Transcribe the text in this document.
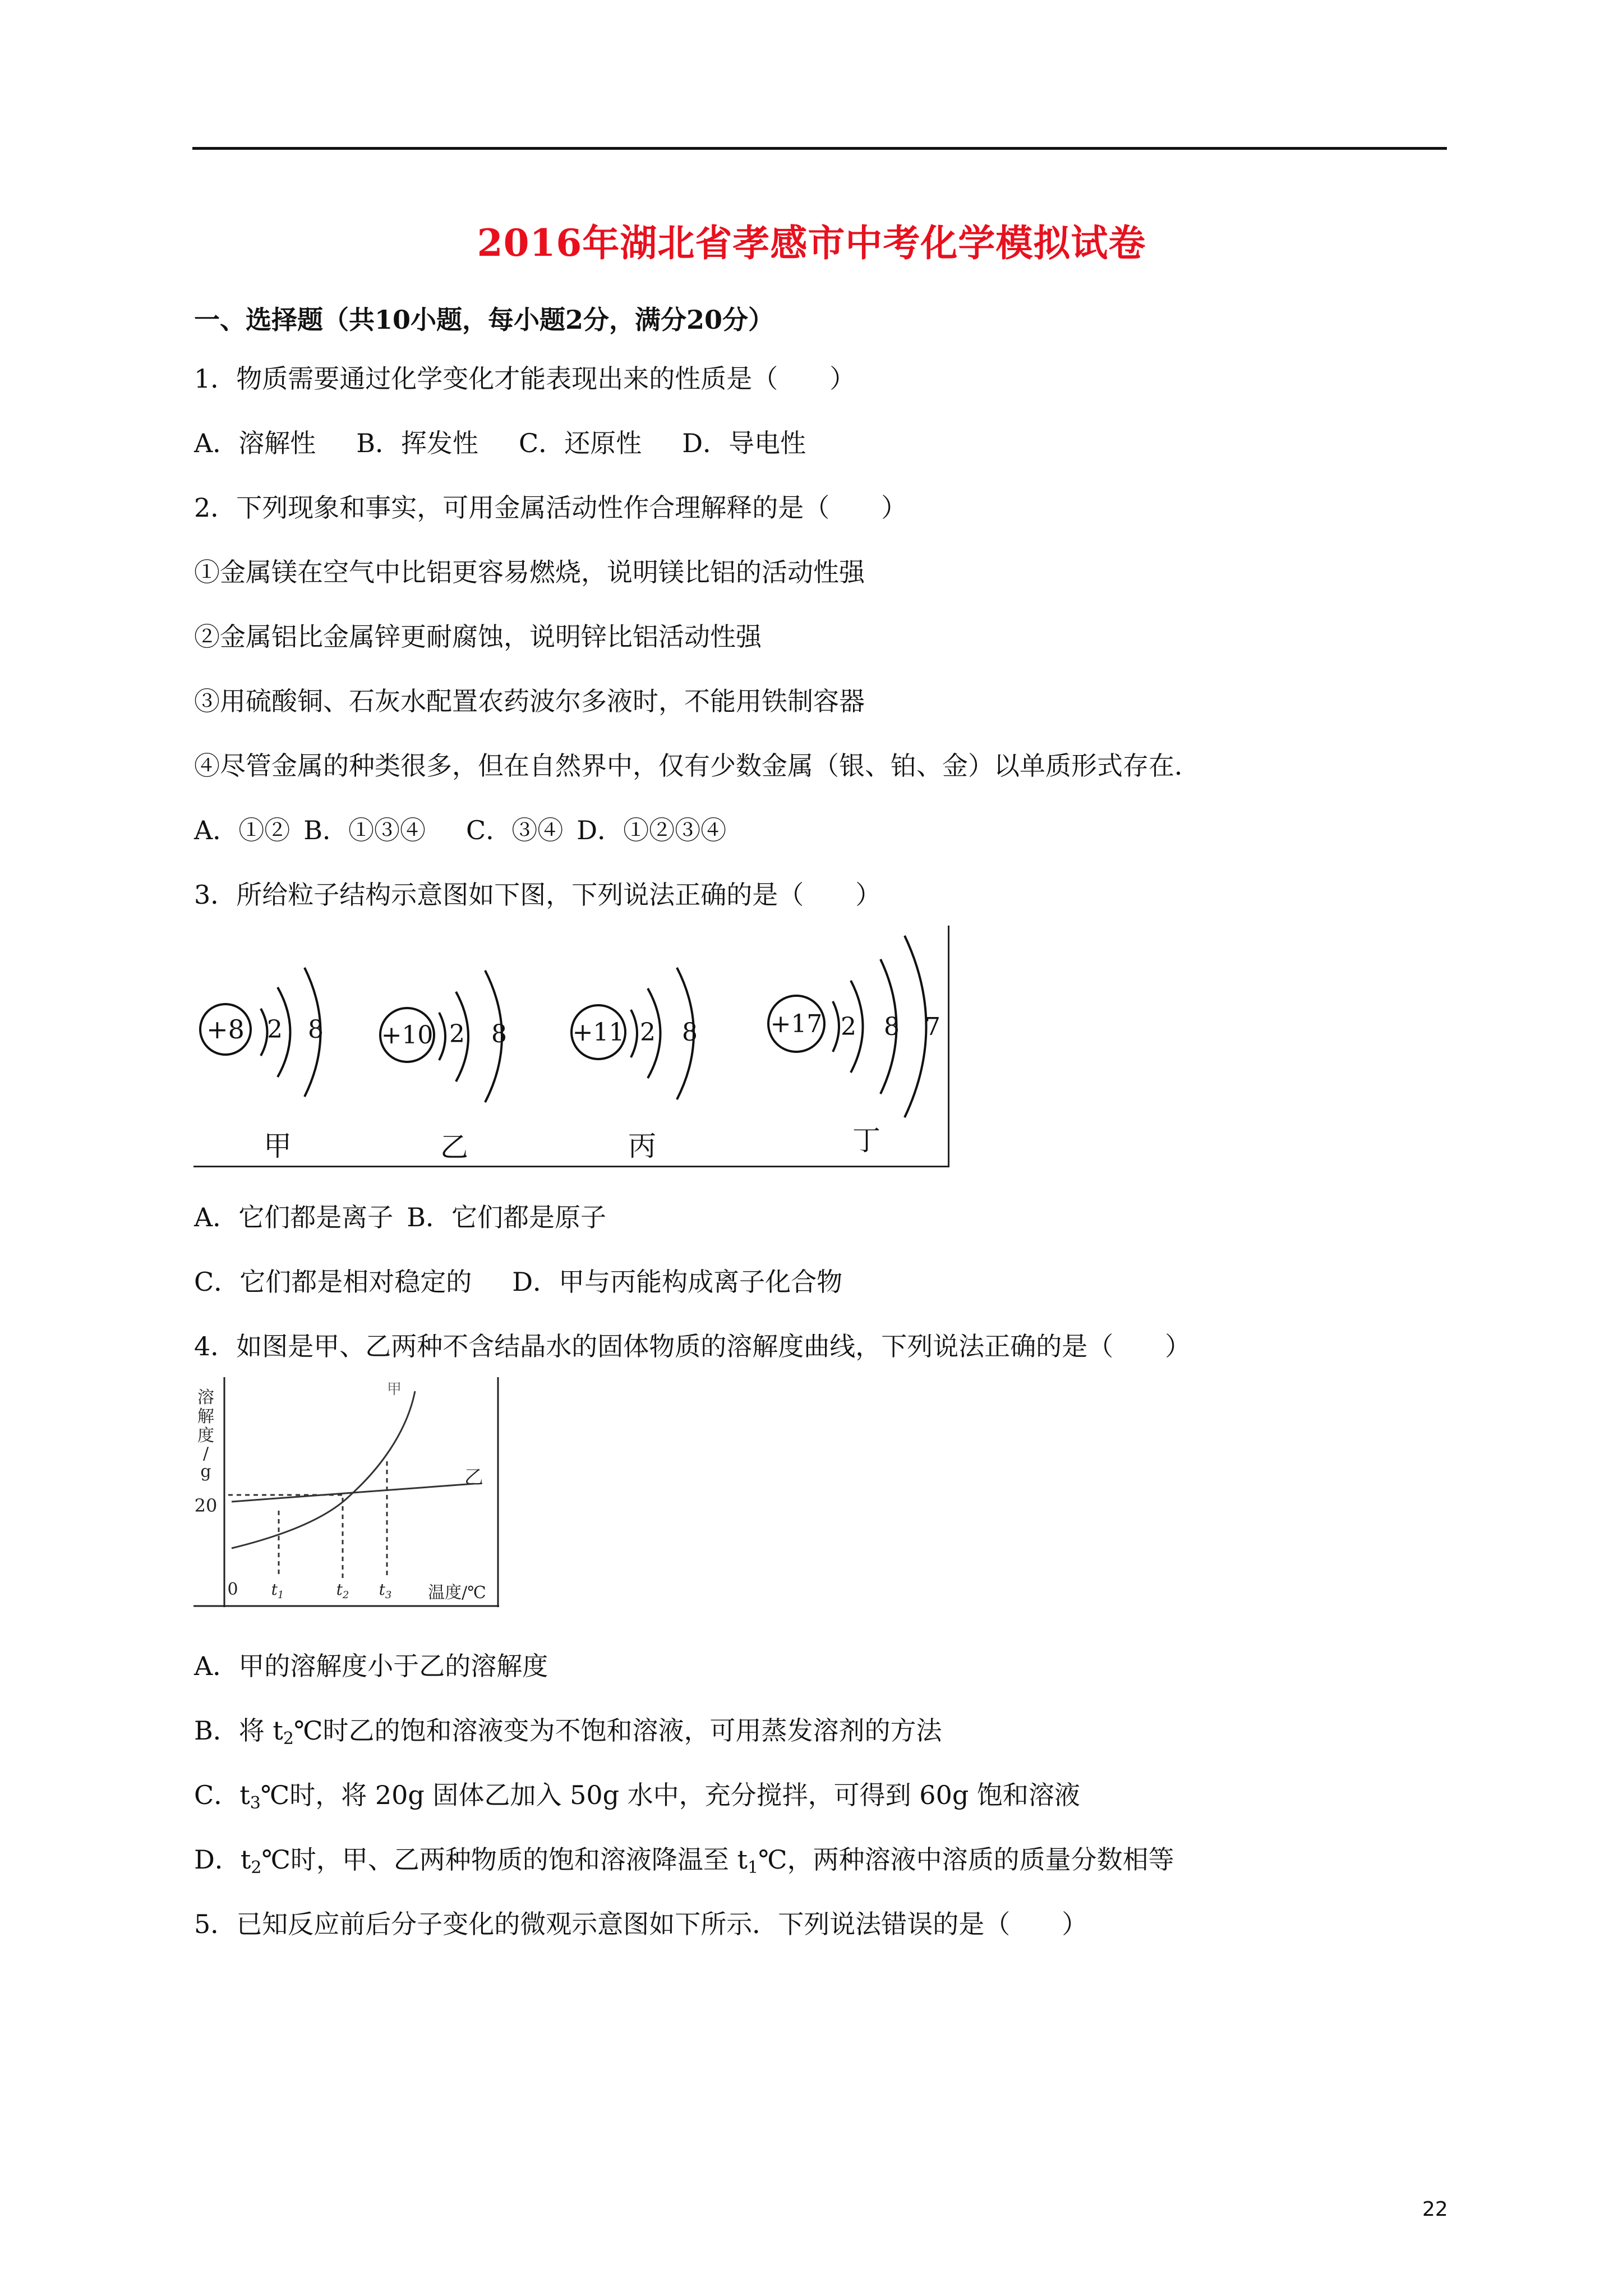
2016年湖北省孝感市中考化学模拟试卷
一、选择题（共10小题，每小题2分，满分20分）
1．物质需要通过化学变化才能表现出来的性质是（　　）
A．溶解性 B．挥发性 C．还原性 D．导电性
2．下列现象和事实，可用金属活动性作合理解释的是（　　）
①金属镁在空气中比铝更容易燃烧，说明镁比铝的活动性强
②金属铝比金属锌更耐腐蚀，说明锌比铝活动性强
③用硫酸铜、石灰水配置农药波尔多液时，不能用铁制容器
④尽管金属的种类很多，但在自然界中，仅有少数金属（银、铂、金）以单质形式存在．
A．①② B．①③④ C．③④ D．①②③④
3．所给粒子结构示意图如下图，下列说法正确的是（　　）
+8 2 8
甲
+10 2 8
乙
+11 2 8
丙
+17 2 8 7
丁
A．它们都是离子 B．它们都是原子
C．它们都是相对稳定的 D．甲与丙能构成离子化合物
4．如图是甲、乙两种不含结晶水的固体物质的溶解度曲线，下列说法正确的是（　　）
溶
解
度
/
g
20
0 $t_1$	$t_2$ $t_3$ 温度/℃
甲
乙
A．甲的溶解度小于乙的溶解度
B．将 $t_2℃$时乙的饱和溶液变为不饱和溶液，可用蒸发溶剂的方法
C．$t_3℃$时，将 20g 固体乙加入 50g 水中，充分搅拌，可得到 60g 饱和溶液
D．$t_2℃$时，甲、乙两种物质的饱和溶液降温至 $t_1℃$，两种溶液中溶质的质量分数相等
5．已知反应前后分子变化的微观示意图如下所示．下列说法错误的是（　　）
22
